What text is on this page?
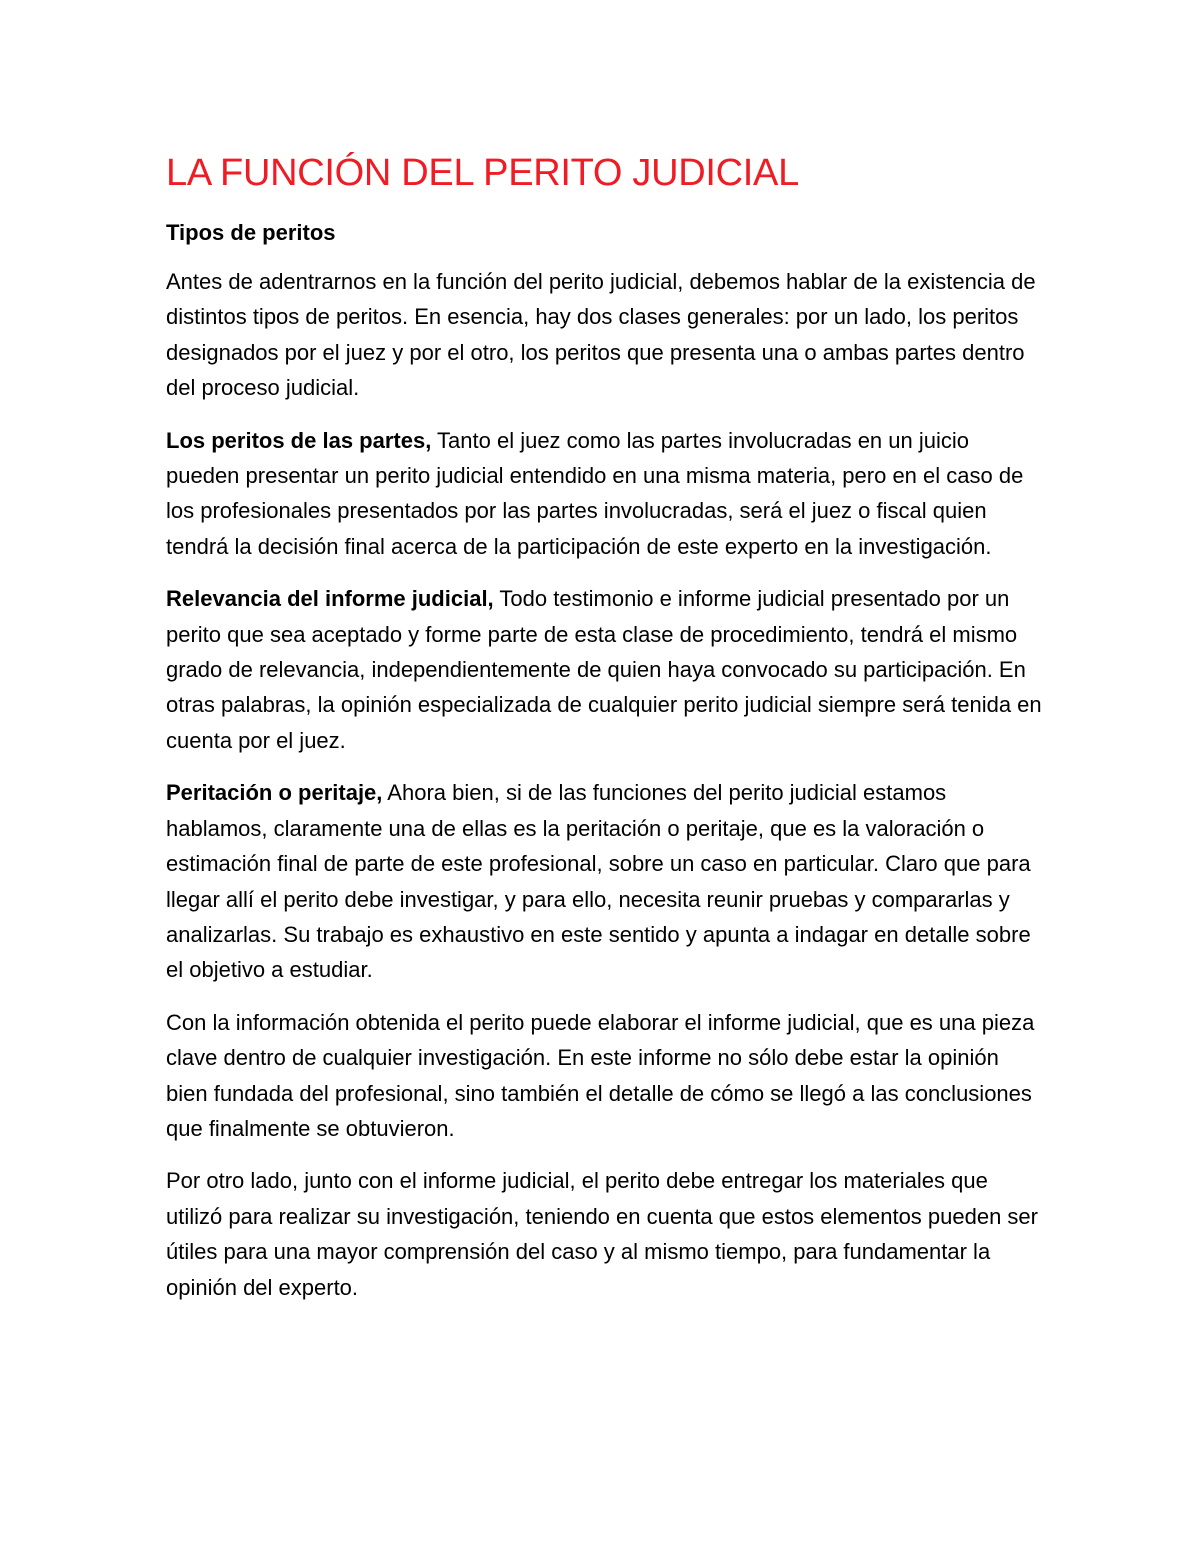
LA FUNCIÓN DEL PERITO JUDICIAL

Tipos de peritos

Antes de adentrarnos en la función del perito judicial, debemos hablar de la existencia de distintos tipos de peritos. En esencia, hay dos clases generales: por un lado, los peritos designados por el juez y por el otro, los peritos que presenta una o ambas partes dentro del proceso judicial.

Los peritos de las partes, Tanto el juez como las partes involucradas en un juicio pueden presentar un perito judicial entendido en una misma materia, pero en el caso de los profesionales presentados por las partes involucradas, será el juez o fiscal quien tendrá la decisión final acerca de la participación de este experto en la investigación.

Relevancia del informe judicial, Todo testimonio e informe judicial presentado por un perito que sea aceptado y forme parte de esta clase de procedimiento, tendrá el mismo grado de relevancia, independientemente de quien haya convocado su participación. En otras palabras, la opinión especializada de cualquier perito judicial siempre será tenida en cuenta por el juez.

Peritación o peritaje, Ahora bien, si de las funciones del perito judicial estamos hablamos, claramente una de ellas es la peritación o peritaje, que es la valoración o estimación final de parte de este profesional, sobre un caso en particular. Claro que para llegar allí el perito debe investigar, y para ello, necesita reunir pruebas y compararlas y analizarlas. Su trabajo es exhaustivo en este sentido y apunta a indagar en detalle sobre el objetivo a estudiar.

Con la información obtenida el perito puede elaborar el informe judicial, que es una pieza clave dentro de cualquier investigación. En este informe no sólo debe estar la opinión bien fundada del profesional, sino también el detalle de cómo se llegó a las conclusiones que finalmente se obtuvieron.

Por otro lado, junto con el informe judicial, el perito debe entregar los materiales que utilizó para realizar su investigación, teniendo en cuenta que estos elementos pueden ser útiles para una mayor comprensión del caso y al mismo tiempo, para fundamentar la opinión del experto.
